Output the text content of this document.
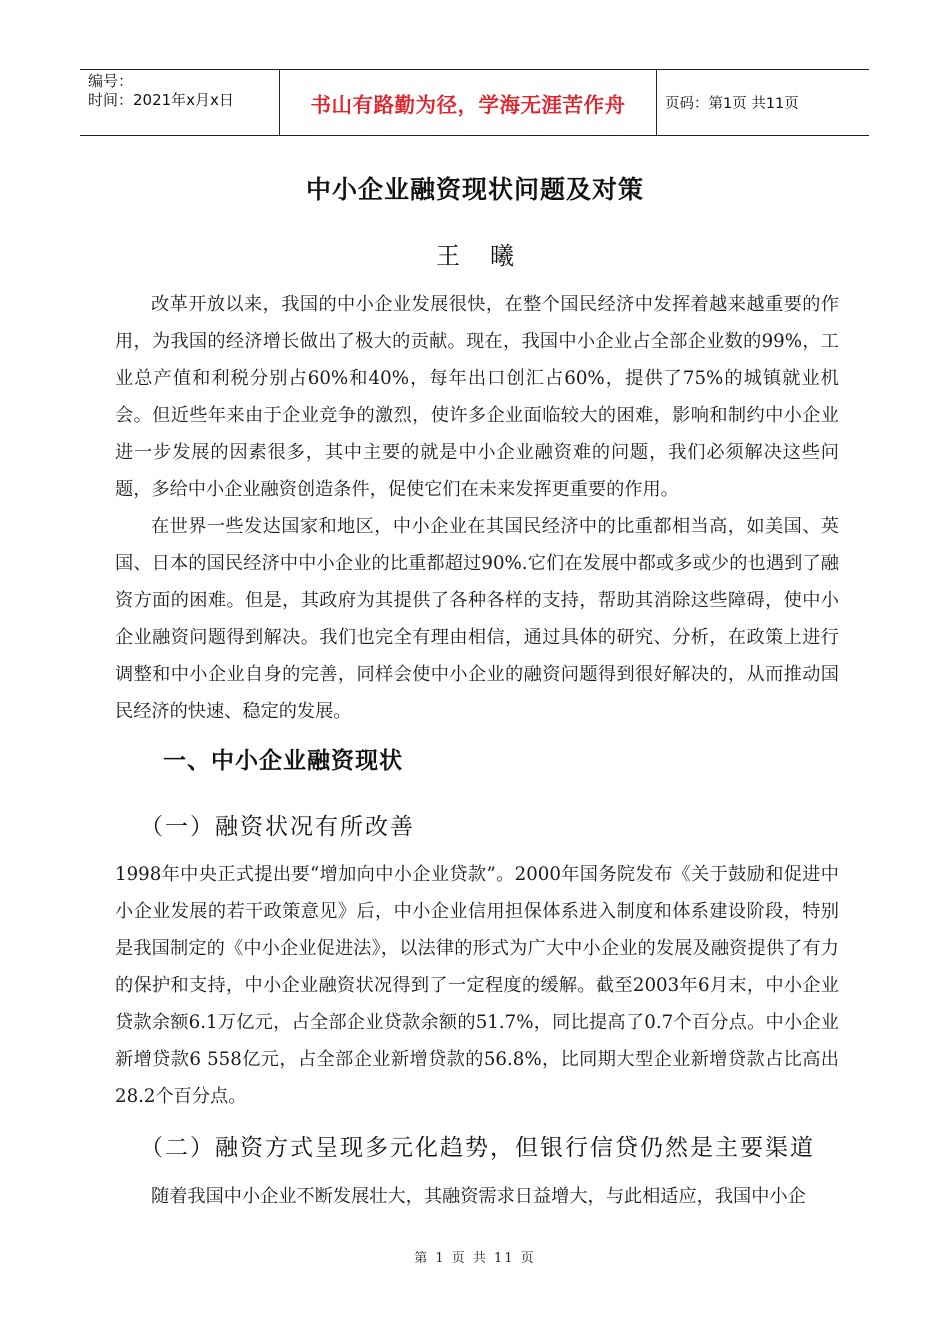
编号：
时间：2021年x月x日	书山有路勤为径，学海无涯苦作舟	页码：第1页 共11页
中小企业融资现状问题及对策
王曦

改革开放以来，我国的中小企业发展很快，在整个国民经济中发挥着越来越重要的作用，为我国的经济增长做出了极大的贡献。现在，我国中小企业占全部企业数的99%，工业总产值和利税分别占60%和40%，每年出口创汇占60%，提供了75%的城镇就业机会。但近些年来由于企业竞争的激烈，使许多企业面临较大的困难，影响和制约中小企业进一步发展的因素很多，其中主要的就是中小企业融资难的问题，我们必须解决这些问题，多给中小企业融资创造条件，促使它们在未来发挥更重要的作用。

在世界一些发达国家和地区，中小企业在其国民经济中的比重都相当高，如美国、英国、日本的国民经济中中小企业的比重都超过90%.它们在发展中都或多或少的也遇到了融资方面的困难。但是，其政府为其提供了各种各样的支持，帮助其消除这些障碍，使中小企业融资问题得到解决。我们也完全有理由相信，通过具体的研究、分析，在政策上进行调整和中小企业自身的完善，同样会使中小企业的融资问题得到很好解决的，从而推动国民经济的快速、稳定的发展。

一、中小企业融资现状
（一）融资状况有所改善

1998年中央正式提出要“增加向中小企业贷款”。2000年国务院发布《关于鼓励和促进中小企业发展的若干政策意见》后，中小企业信用担保体系进入制度和体系建设阶段，特别是我国制定的《中小企业促进法》，以法律的形式为广大中小企业的发展及融资提供了有力的保护和支持，中小企业融资状况得到了一定程度的缓解。截至2003年6月末，中小企业贷款余额6.1万亿元，占全部企业贷款余额的51.7%，同比提高了0.7个百分点。中小企业新增贷款6 558亿元，占全部企业新增贷款的56.8%，比同期大型企业新增贷款占比高出28.2个百分点。

（二）融资方式呈现多元化趋势，但银行信贷仍然是主要渠道

随着我国中小企业不断发展壮大，其融资需求日益增大，与此相适应，我国中小企

第 1 页 共 11 页
